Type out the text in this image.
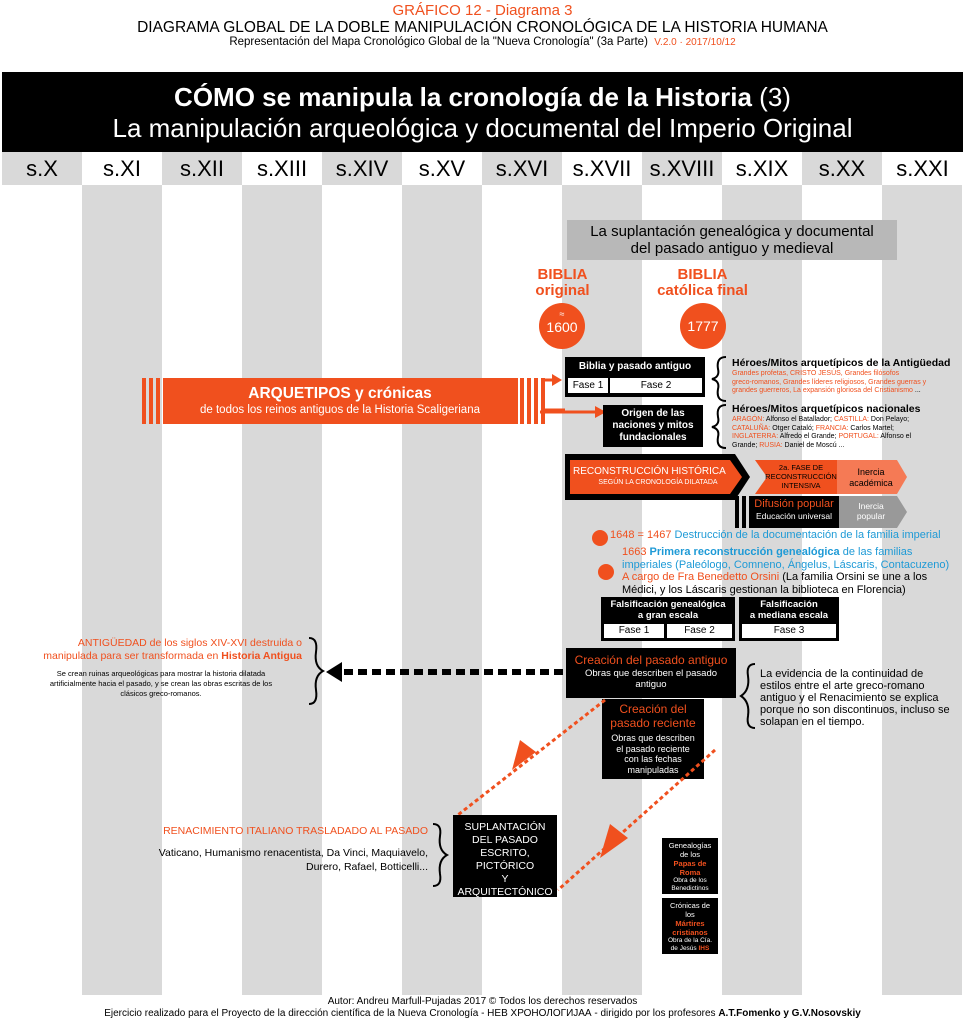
GRÁFICO 12 - Diagrama 3
DIAGRAMA GLOBAL DE LA DOBLE MANIPULACIÓN CRONOLÓGICA DE LA HISTORIA HUMANA
Representación del Mapa Cronológico Global de la "Nueva Cronología" (3a Parte) V.2.0 · 2017/10/12
CÓMO se manipula la cronología de la Historia (3)
La manipulación arqueológica y documental del Imperio Original
s.X	s.XI	s.XII	s.XIII	s.XIV	s.XV	s.XVI	s.XVII s.XVIII s.XIX	s.XX	s.XXI
La suplantación genealógica y documental
del pasado antiguo y medieval
BIBLIA
original
≈
1600
BIBLIA
católica final
1777
ARQUETIPOS y crónicas
de todos los reinos antiguos de la Historia Scaligeriana
Biblia y pasado antiguo
Fase 1	Fase 2
Origen de las
naciones y mitos
fundacionales
Héroes/Mitos arquetípicos de la Antigüedad
Grandes profetas, CRISTO JESÚS, Grandes filósofos
greco-romanos, Grandes líderes religiosos, Grandes guerras y
grandes guerreros, La expansión gloriosa del Cristianismo ...
Héroes/Mitos arquetípicos nacionales
ARAGÓN: Alfonso el Batallador; CASTILLA: Don Pelayo;
CATALUÑA: Otger Cataló; FRANCIA: Carlos Martel;
INGLATERRA: Alfredo el Grande; PORTUGAL: Alfonso el
Grande; RUSIA: Daniel de Moscú ...
RECONSTRUCCIÓN HISTÓRICA
SEGÚN LA CRONOLOGÍA DILATADA
2a. FASE DE
RECONSTRUCCIÓN
INTENSIVA
Inercia
académica
Difusión popular
Educación universal
Inercia
popular
1648 = 1467 Destrucción de la documentación de la familia imperial
1663 Primera reconstrucción genealógica de las familias
imperiales (Paleólogo, Comneno, Ángelus, Láscaris, Contacuzeno)
A cargo de Fra Benedetto Orsini (La familia Orsini se une a los
Médici, y los Láscaris gestionan la biblioteca en Florencia)
Falsificación genealógica
a gran escala
Fase 1	Fase 2
Falsificación
a mediana escala
Fase 3
ANTIGÜEDAD de los siglos XIV-XVI destruida o
manipulada para ser transformada en Historia Antigua
Se crean ruinas arqueológicas para mostrar la historia dilatada
artificialmente hacia el pasado, y se crean las obras escritas de los
clásicos greco-romanos.
Creación del pasado antiguo
Obras que describen el pasado
antiguo
La evidencia de la continuidad de
estilos entre el arte greco-romano
antiguo y el Renacimiento se explica
porque no son discontinuos, incluso se
solapan en el tiempo.
Creación del
pasado reciente
Obras que describen
el pasado reciente
con las fechas
manipuladas
RENACIMIENTO ITALIANO TRASLADADO AL PASADO
Vaticano, Humanismo renacentista, Da Vinci, Maquiavelo,
Durero, Rafael, Botticelli...
SUPLANTACIÓN
DEL PASADO
ESCRITO,
PICTÓRICO
Y
ARQUITECTÓNICO
Genealogías
de los
Papas de
Roma
Obra de los
Benedictinos
Crónicas de
los
Mártires
cristianos
Obra de la Cía.
de Jesús IHS
Autor: Andreu Marfull-Pujadas 2017 © Todos los derechos reservados
Ejercicio realizado para el Proyecto de la dirección científica de la Nueva Cronología - НЕВ ХРОНОЛОГИЈАА - dirigido por los profesores A.T.Fomenko y G.V.Nosovskiy
